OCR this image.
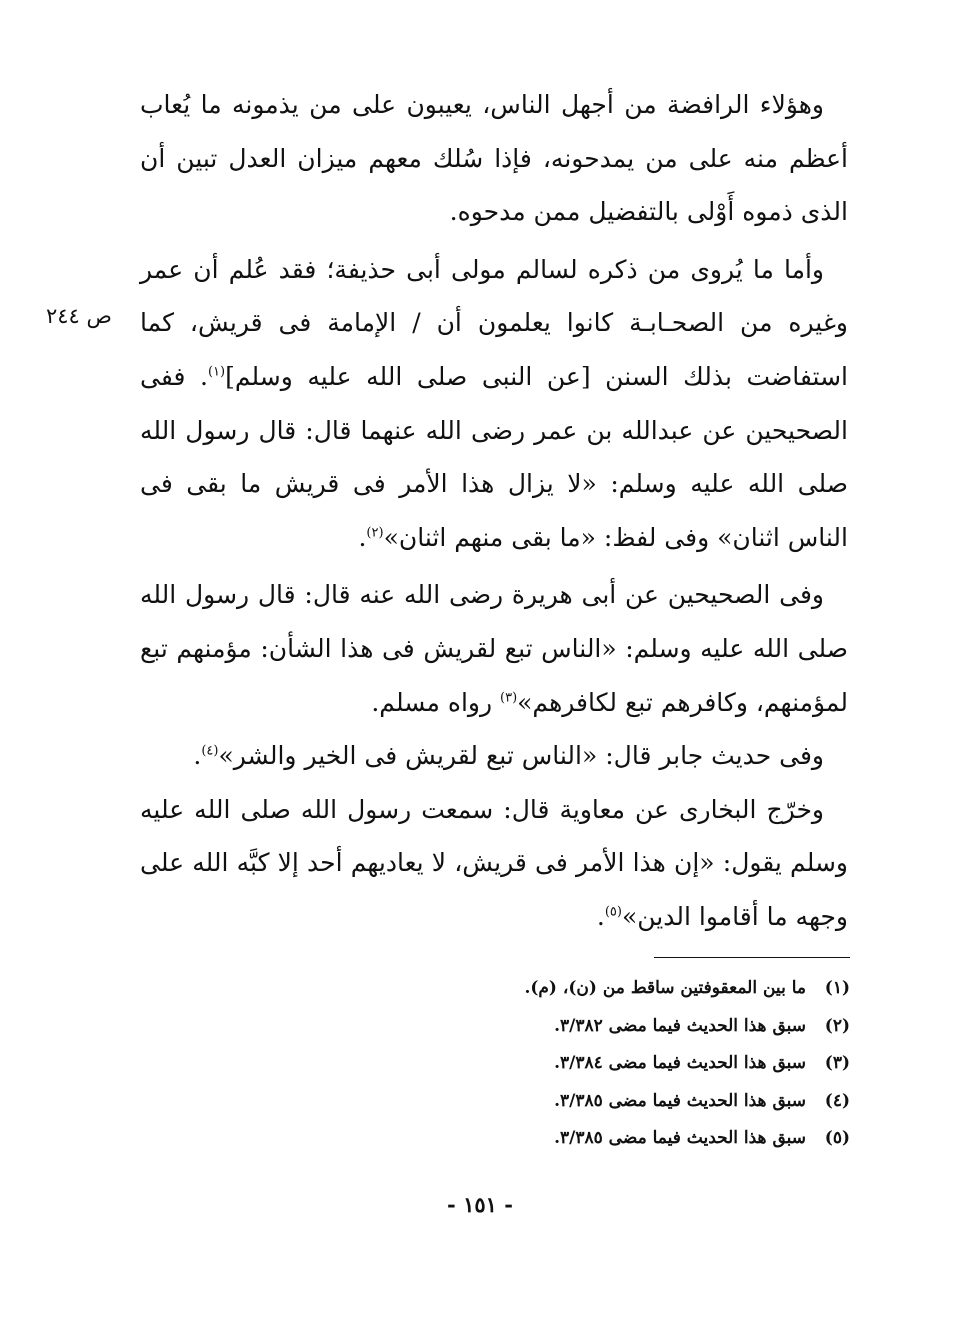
وهؤلاء الرافضة من أجهل الناس، يعيبون على من يذمونه ما يُعاب أعظم منه على من يمدحونه، فإذا سُلك معهم ميزان العدل تبين أن الذى ذموه أَوْلى بالتفضيل ممن مدحوه.

وأما ما يُروى من ذكره لسالم مولى أبى حذيفة؛ فقد عُلم أن عمر وغيره من الصحـابـة كانوا يعلمون أن / الإمامة فى قريش، كما استفاضت بذلك السنن [عن النبى صلى الله عليه وسلم]$^{(١)}$. ففى الصحيحين عن عبدالله بن عمر رضى الله عنهما قال: قال رسول الله صلى الله عليه وسلم: «لا يزال هذا الأمر فى قريش ما بقى فى الناس اثنان» وفى لفظ: «ما بقى منهم اثنان»$^{(٢)}$.

وفى الصحيحين عن أبى هريرة رضى الله عنه قال: قال رسول الله صلى الله عليه وسلم: «الناس تبع لقريش فى هذا الشأن: مؤمنهم تبع لمؤمنهم، وكافرهم تبع لكافرهم»$^{(٣)}$ رواه مسلم.

وفى حديث جابر قال: «الناس تبع لقريش فى الخير والشر»$^{(٤)}$.

وخرّج البخارى عن معاوية قال: سمعت رسول الله صلى الله عليه وسلم يقول: «إن هذا الأمر فى قريش، لا يعاديهم أحد إلا كبَّه الله على وجهه ما أقاموا الدين»$^{(٥)}$.

ص ٢٤٤
(١)
ما بين المعقوفتين ساقط من (ن)، (م).
(٢)
سبق هذا الحديث فيما مضى ٣/٣٨٢.
(٣)
سبق هذا الحديث فيما مضى ٣/٣٨٤.
(٤)
سبق هذا الحديث فيما مضى ٣/٣٨٥.
(٥)
سبق هذا الحديث فيما مضى ٣/٣٨٥.
- ١٥١ -
